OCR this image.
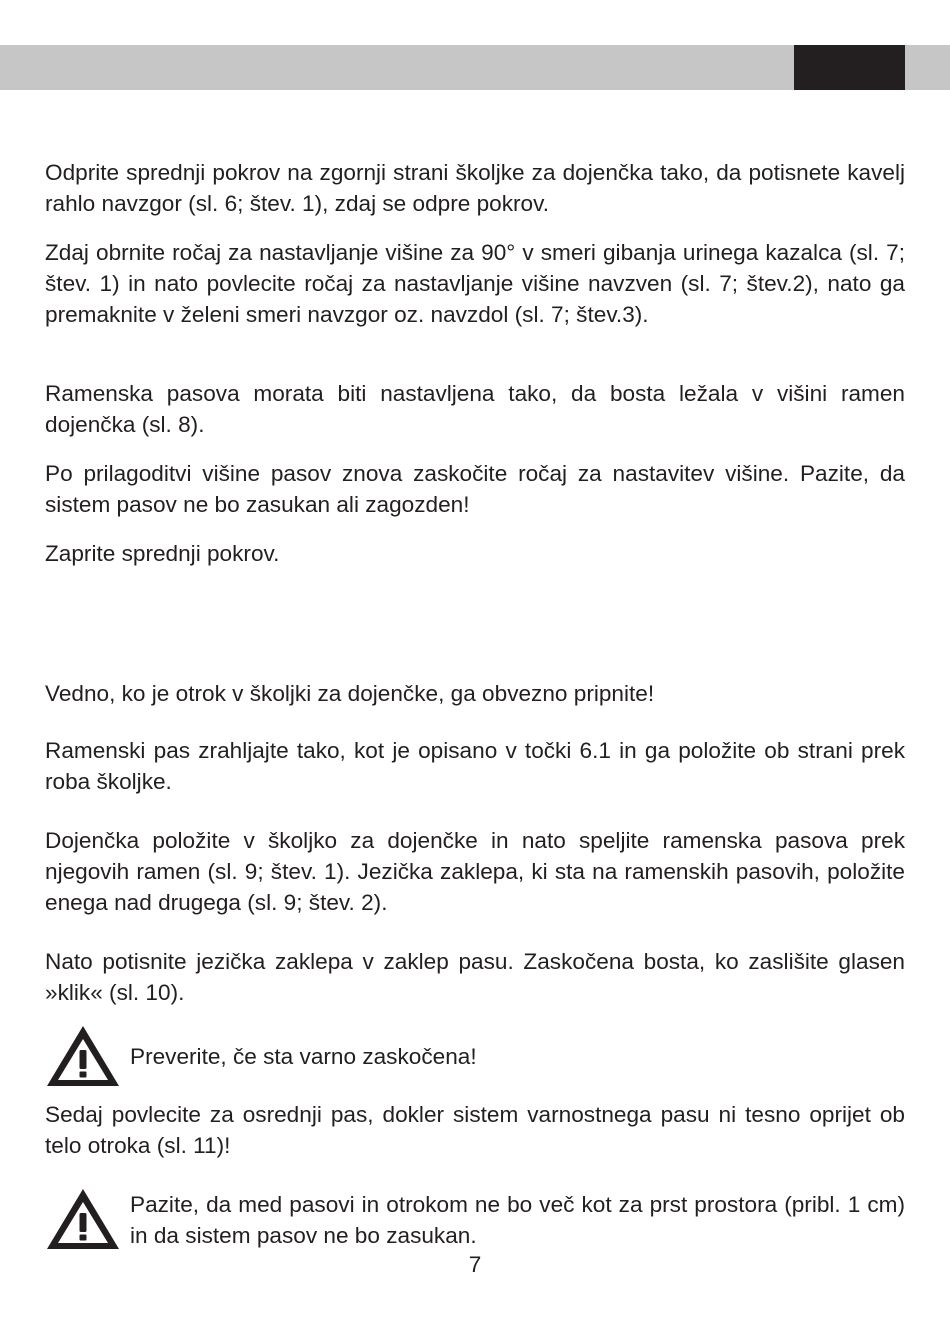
Odprite sprednji pokrov na zgornji strani školjke za dojenčka tako, da potisnete kavelj rahlo navzgor (sl. 6; štev. 1), zdaj se odpre pokrov.

Zdaj obrnite ročaj za nastavljanje višine za 90° v smeri gibanja urinega kazalca (sl. 7; štev. 1) in nato povlecite ročaj za nastavljanje višine navzven (sl. 7; štev.2), nato ga premaknite v želeni smeri navzgor oz. navzdol (sl. 7; štev.3).

Ramenska pasova morata biti nastavljena tako, da bosta ležala v višini ramen dojenčka (sl. 8).

Po prilagoditvi višine pasov znova zaskočite ročaj za nastavitev višine. Pazite, da sistem pasov ne bo zasukan ali zagozden!

Zaprite sprednji pokrov.

Vedno, ko je otrok v školjki za dojenčke, ga obvezno pripnite!

Ramenski pas zrahljajte tako, kot je opisano v točki 6.1 in ga položite ob strani prek roba školjke.

Dojenčka položite v školjko za dojenčke in nato speljite ramenska pasova prek njegovih ramen (sl. 9; štev. 1). Jezička zaklepa, ki sta na ramenskih pasovih, položite enega nad drugega (sl. 9; štev. 2).

Nato potisnite jezička zaklepa v zaklep pasu. Zaskočena bosta, ko zaslišite glasen »klik« (sl. 10).

Preverite, če sta varno zaskočena!

Sedaj povlecite za osrednji pas, dokler sistem varnostnega pasu ni tesno oprijet ob telo otroka (sl. 11)!

Pazite, da med pasovi in otrokom ne bo več kot za prst prostora (pribl. 1 cm) in da sistem pasov ne bo zasukan.

7
